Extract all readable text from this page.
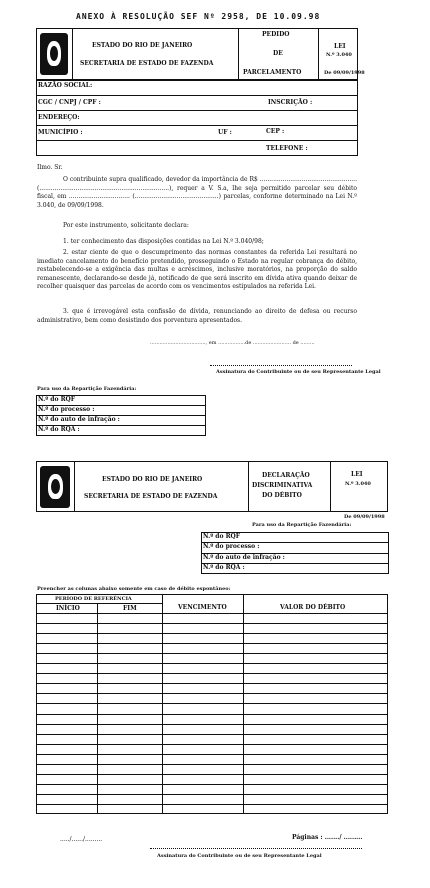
ANEXO À RESOLUÇÃO SEF Nº 2958, DE 10.09.98
ESTADO DO RIO DE JANEIRO
SECRETARIA DE ESTADO DE FAZENDA
PEDIDO
DE
PARCELAMENTO
LEI
N.º 3.040
De 09/09/1998
RAZÃO SOCIAL:
CGC / CNPJ / CPF :	INSCRIÇÃO :
ENDEREÇO:
MUNICÍPIO :	UF :	CEP :
TELEFONE :
Ilmo. Sr.
O contribuinte supra qualificado, devedor da importância de R$ ................................................... (....................................................................), requer a V. S.a, lhe seja permitido parcelar seu débito fiscal, em ................................ (............................................) parcelas, conforme determinado na Lei N.º 3.040, de 09/09/1998.
Por este instrumento, solicitante declara:
1. ter conhecimento das disposições contidas na Lei N.º 3.040/98;
2. estar ciente de que o descumprimento das normas constantes da referida Lei resultará no imediato cancelamento do benefício pretendido, prosseguindo o Estado na regular cobrança do débito, restabelecendo-se a exigência das multas e acréscimos, inclusive moratórios, na proporção do saldo remanescente, declarando-se desde já, notificado de que será inscrito em dívida ativa quando deixar de recolher quaisquer das parcelas de acordo com os vencimentos estipulados na referida Lei.
3. que é irrevogável esta confissão de dívida, renunciando ao direito de defesa ou recurso administrativo, bem como desistindo dos porventura apresentados.
..................................., em .................de ........................ de .........
Assinatura do Contribuinte ou de seu Representante Legal
Para uso da Repartição Fazendária:
N.º do RQF
N.º do processo :
N.º do auto de infração :
N.º do RQA :
ESTADO DO RIO DE JANEIRO
SECRETARIA DE ESTADO DE FAZENDA
DECLARAÇÃO
DISCRIMINATIVA
DO DÉBITO
LEI
N.º 3.040
De 09/09/1998
Para uso da Repartição Fazendária:
N.º do RQF
N.º do processo :
N.º do auto de infração :
N.º do RQA :
Preencher as colunas abaixo somente em caso de débito espontâneo:
PERÍODO DE REFERÊNCIA
INÍCIO	FIM	VENCIMENTO	VALOR DO DÉBITO
Páginas : ......./ .........
...../....../.........
Assinatura do Contribuinte ou de seu Representante Legal
